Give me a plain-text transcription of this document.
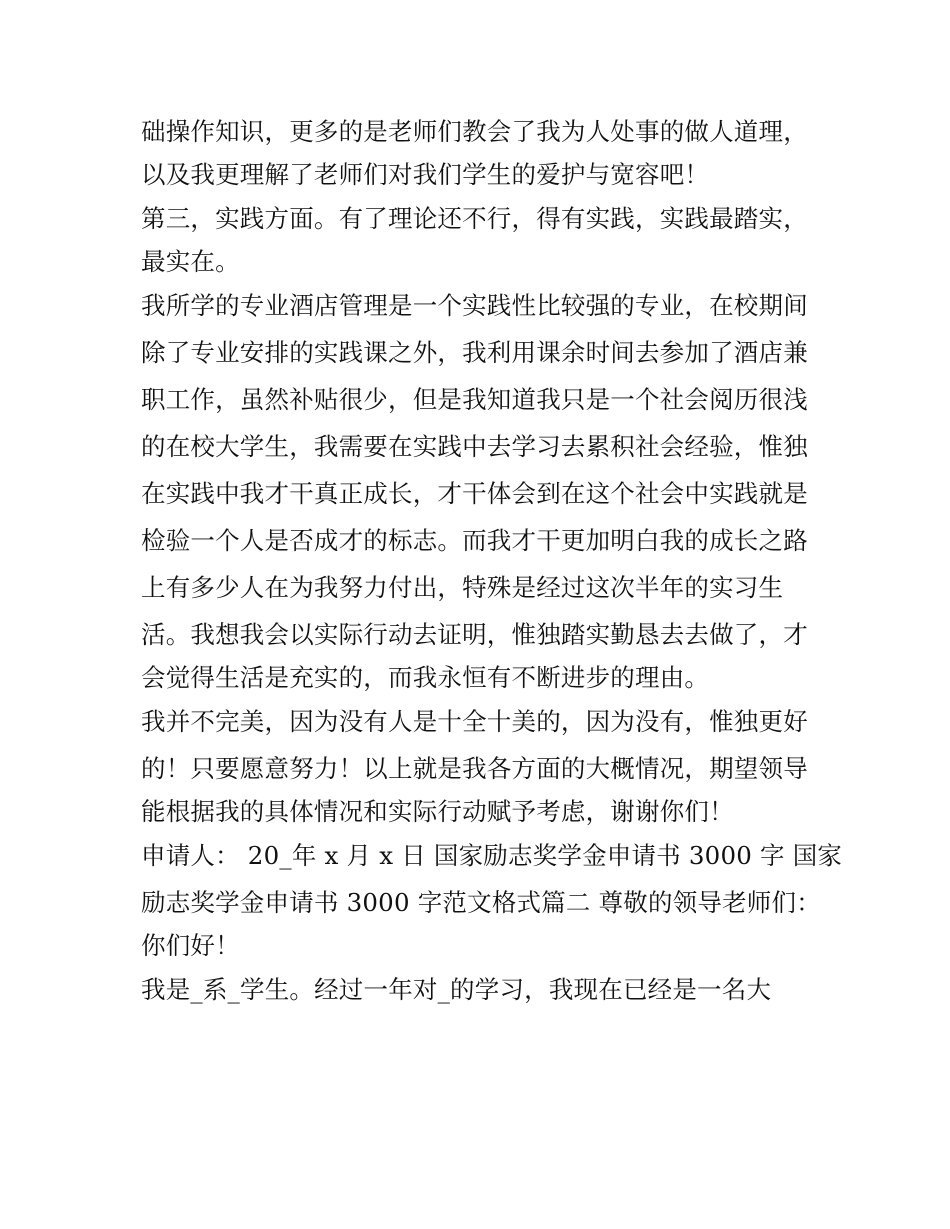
础操作知识，更多的是老师们教会了我为人处事的做人道理，
以及我更理解了老师们对我们学生的爱护与宽容吧！
第三，实践方面。有了理论还不行，得有实践，实践最踏实，
最实在。
我所学的专业酒店管理是一个实践性比较强的专业，在校期间
除了专业安排的实践课之外，我利用课余时间去参加了酒店兼
职工作，虽然补贴很少，但是我知道我只是一个社会阅历很浅
的在校大学生，我需要在实践中去学习去累积社会经验，惟独
在实践中我才干真正成长，才干体会到在这个社会中实践就是
检验一个人是否成才的标志。而我才干更加明白我的成长之路
上有多少人在为我努力付出，特殊是经过这次半年的实习生
活。我想我会以实际行动去证明，惟独踏实勤恳去去做了，才
会觉得生活是充实的，而我永恒有不断进步的理由。
我并不完美，因为没有人是十全十美的，因为没有，惟独更好
的！只要愿意努力！以上就是我各方面的大概情况，期望领导
能根据我的具体情况和实际行动赋予考虑，谢谢你们！
申请人： 20_年 x 月 x 日 国家励志奖学金申请书 3000 字 国家
励志奖学金申请书 3000 字范文格式篇二 尊敬的领导老师们：
你们好！
我是_系_学生。经过一年对_的学习，我现在已经是一名大
